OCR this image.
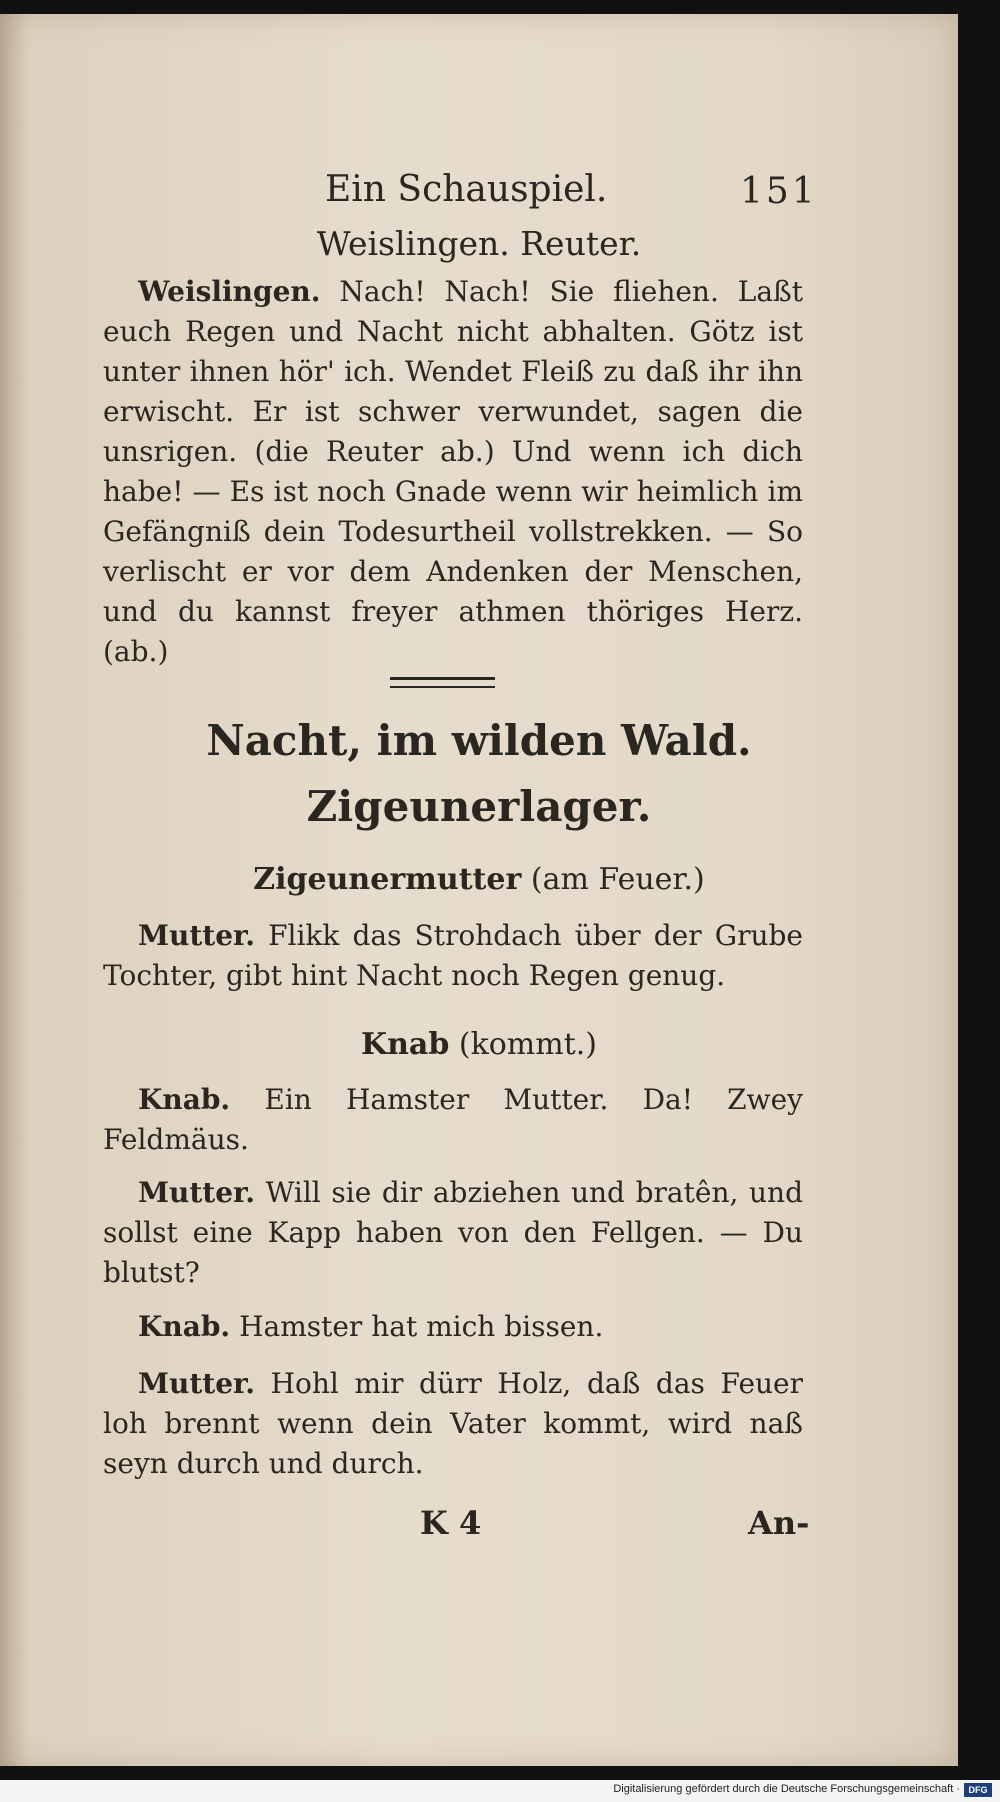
Ein Schauspiel.	151
Weislingen. Reuter.
Weislingen. Nach! Nach! Sie fliehen. Laßt euch Regen und Nacht nicht abhalten. Götz ist unter ihnen hör' ich. Wendet Fleiß zu daß ihr ihn erwischt. Er ist schwer verwundet, sagen die unsrigen. (die Reuter ab.) Und wenn ich dich habe! — Es ist noch Gnade wenn wir heimlich im Gefängniß dein Todesurtheil vollstrekken. — So verlischt er vor dem Andenken der Menschen, und du kannst freyer athmen thöriges Herz. (ab.)
Nacht, im wilden Wald.
Zigeunerlager.
Zigeunermutter (am Feuer.)
Mutter. Flikk das Strohdach über der Grube Tochter, gibt hint Nacht noch Regen genug.
Knab (kommt.)
Knab. Ein Hamster Mutter. Da! Zwey Feldmäus.
Mutter. Will sie dir abziehen und bratên, und sollst eine Kapp haben von den Fellgen. — Du blutst?
Knab. Hamster hat mich bissen.
Mutter. Hohl mir dürr Holz, daß das Feuer loh brennt wenn dein Vater kommt, wird naß seyn durch und durch.
K 4	An-
Digitalisierung gefördert durch die Deutsche Forschungsgemeinschaft · DFG
